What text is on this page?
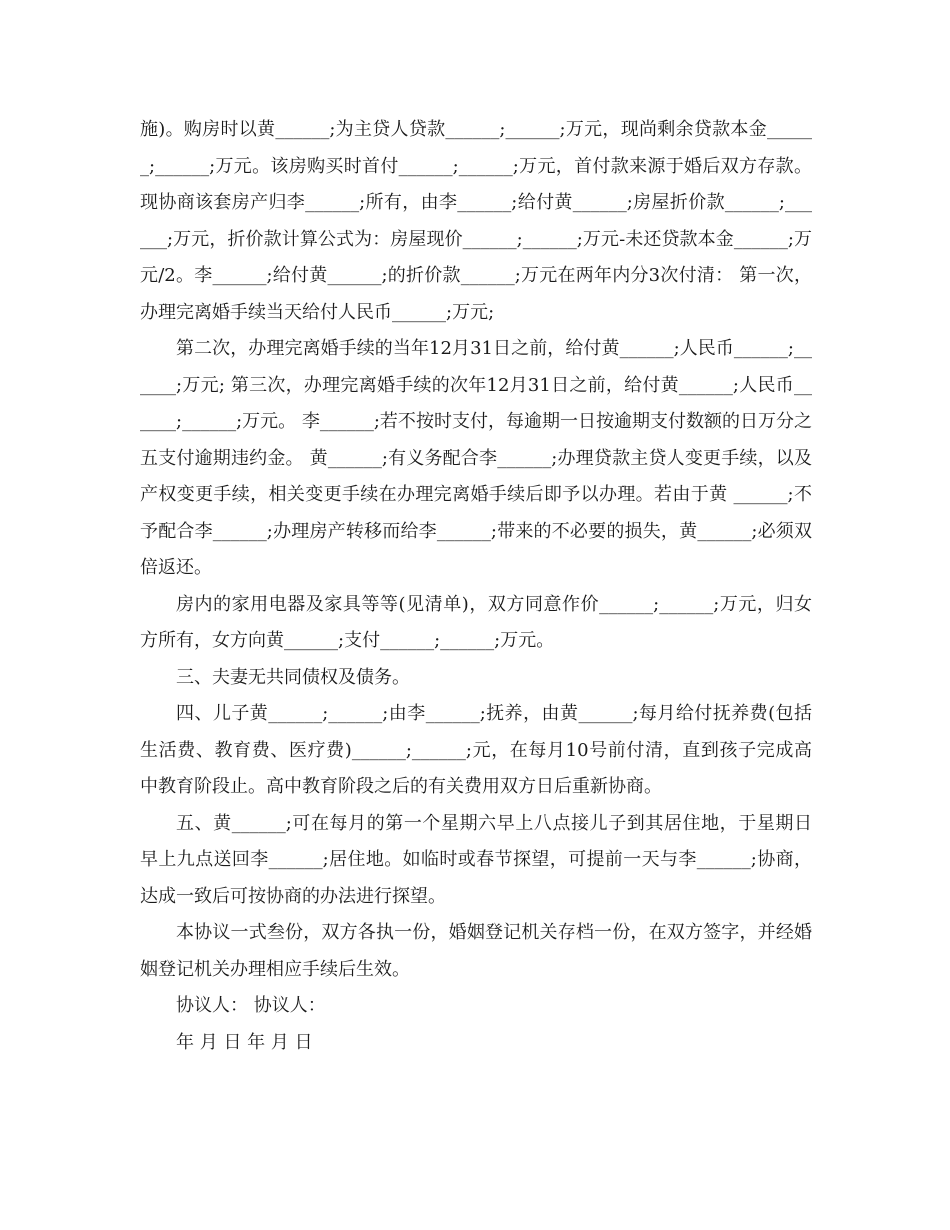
施)。购房时以黄______;为主贷人贷款______;______;万元，现尚剩余贷款本金______;______;万元。该房购买时首付______;______;万元，首付款来源于婚后双方存款。现协商该套房产归李______;所有，由李______;给付黄______;房屋折价款______;______;万元，折价款计算公式为：房屋现价______;______;万元-未还贷款本金______;万元/2。李______;给付黄______;的折价款______;万元在两年内分3次付清： 第一次，办理完离婚手续当天给付人民币______;万元;

第二次，办理完离婚手续的当年12月31日之前，给付黄______;人民币______;______;万元; 第三次，办理完离婚手续的次年12月31日之前，给付黄______;人民币______;______;万元。 李______;若不按时支付，每逾期一日按逾期支付数额的日万分之五支付逾期违约金。 黄______;有义务配合李______;办理贷款主贷人变更手续，以及产权变更手续，相关变更手续在办理完离婚手续后即予以办理。若由于黄 ______;不予配合李______;办理房产转移而给李______;带来的不必要的损失，黄______;必须双倍返还。

房内的家用电器及家具等等(见清单)，双方同意作价______;______;万元，归女方所有，女方向黄______;支付______;______;万元。

三、夫妻无共同债权及债务。

四、儿子黄______;______;由李______;抚养，由黄______;每月给付抚养费(包括生活费、教育费、医疗费)______;______;元，在每月10号前付清，直到孩子完成高中教育阶段止。高中教育阶段之后的有关费用双方日后重新协商。

五、黄______;可在每月的第一个星期六早上八点接儿子到其居住地，于星期日早上九点送回李______;居住地。如临时或春节探望，可提前一天与李______;协商，达成一致后可按协商的办法进行探望。

本协议一式叁份，双方各执一份，婚姻登记机关存档一份，在双方签字，并经婚姻登记机关办理相应手续后生效。

协议人： 协议人：

年 月 日 年 月 日
